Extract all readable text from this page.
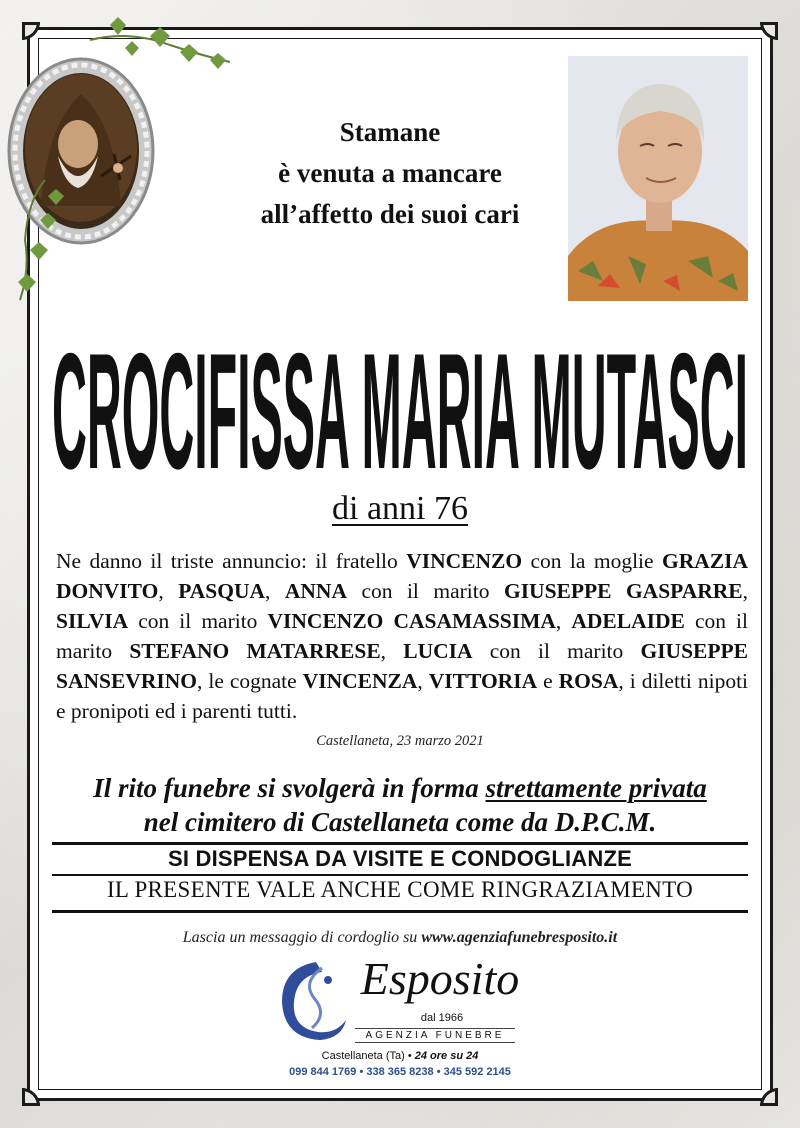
Stamane
è venuta a mancare
all’affetto dei suoi cari
CROCIFISSA MARIA MUTASCI
di anni 76
Ne danno il triste annuncio: il fratello VINCENZO con la moglie GRAZIA DONVITO, PASQUA, ANNA con il marito GIUSEPPE GASPARRE, SILVIA con il marito VINCENZO CASAMASSIMA, ADELAIDE con il marito STEFANO MATARRESE, LUCIA con il marito GIUSEPPE SANSEVRINO, le cognate VINCENZA, VITTORIA e ROSA, i diletti nipoti e pronipoti ed i parenti tutti.
Castellaneta, 23 marzo 2021
Il rito funebre si svolgerà in forma strettamente privata
nel cimitero di Castellaneta come da D.P.C.M.
SI DISPENSA DA VISITE E CONDOGLIANZE
IL PRESENTE VALE ANCHE COME RINGRAZIAMENTO
Lascia un messaggio di cordoglio su www.agenziafunebresposito.it
Esposito
dal 1966
AGENZIA FUNEBRE
Castellaneta (Ta) • 24 ore su 24
099 844 1769 • 338 365 8238 • 345 592 2145
